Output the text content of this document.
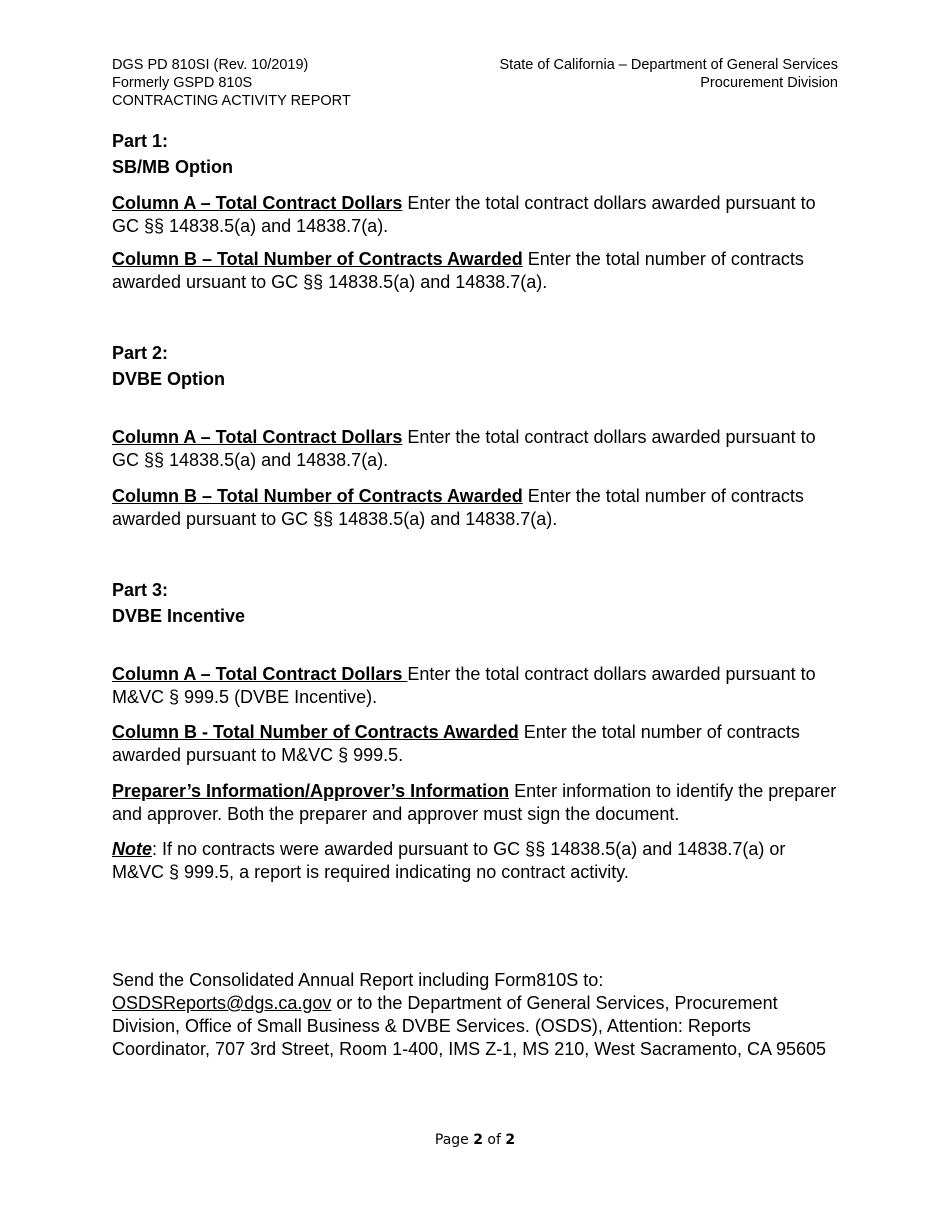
DGS PD 810SI (Rev. 10/2019)
Formerly GSPD 810S
CONTRACTING ACTIVITY REPORT
State of California – Department of General Services
Procurement Division
Part 1:
SB/MB Option
Column A – Total Contract Dollars Enter the total contract dollars awarded pursuant to GC §§ 14838.5(a) and 14838.7(a).
Column B – Total Number of Contracts Awarded Enter the total number of contracts awarded ursuant to GC §§ 14838.5(a) and 14838.7(a).
Part 2:
DVBE Option
Column A – Total Contract Dollars Enter the total contract dollars awarded pursuant to GC §§ 14838.5(a) and 14838.7(a).
Column B – Total Number of Contracts Awarded Enter the total number of contracts awarded pursuant to GC §§ 14838.5(a) and 14838.7(a).
Part 3:
DVBE Incentive
Column A – Total Contract Dollars Enter the total contract dollars awarded pursuant to M&VC § 999.5 (DVBE Incentive).
Column B - Total Number of Contracts Awarded Enter the total number of contracts awarded pursuant to M&VC § 999.5.
Preparer’s Information/Approver’s Information Enter information to identify the preparer and approver. Both the preparer and approver must sign the document.
Note: If no contracts were awarded pursuant to GC §§ 14838.5(a) and 14838.7(a) or M&VC § 999.5, a report is required indicating no contract activity.
Send the Consolidated Annual Report including Form810S to:
OSDSReports@dgs.ca.gov or to the Department of General Services, Procurement Division, Office of Small Business & DVBE Services. (OSDS), Attention: Reports Coordinator, 707 3rd Street, Room 1-400, IMS Z-1, MS 210, West Sacramento, CA 95605
Page 2 of 2
